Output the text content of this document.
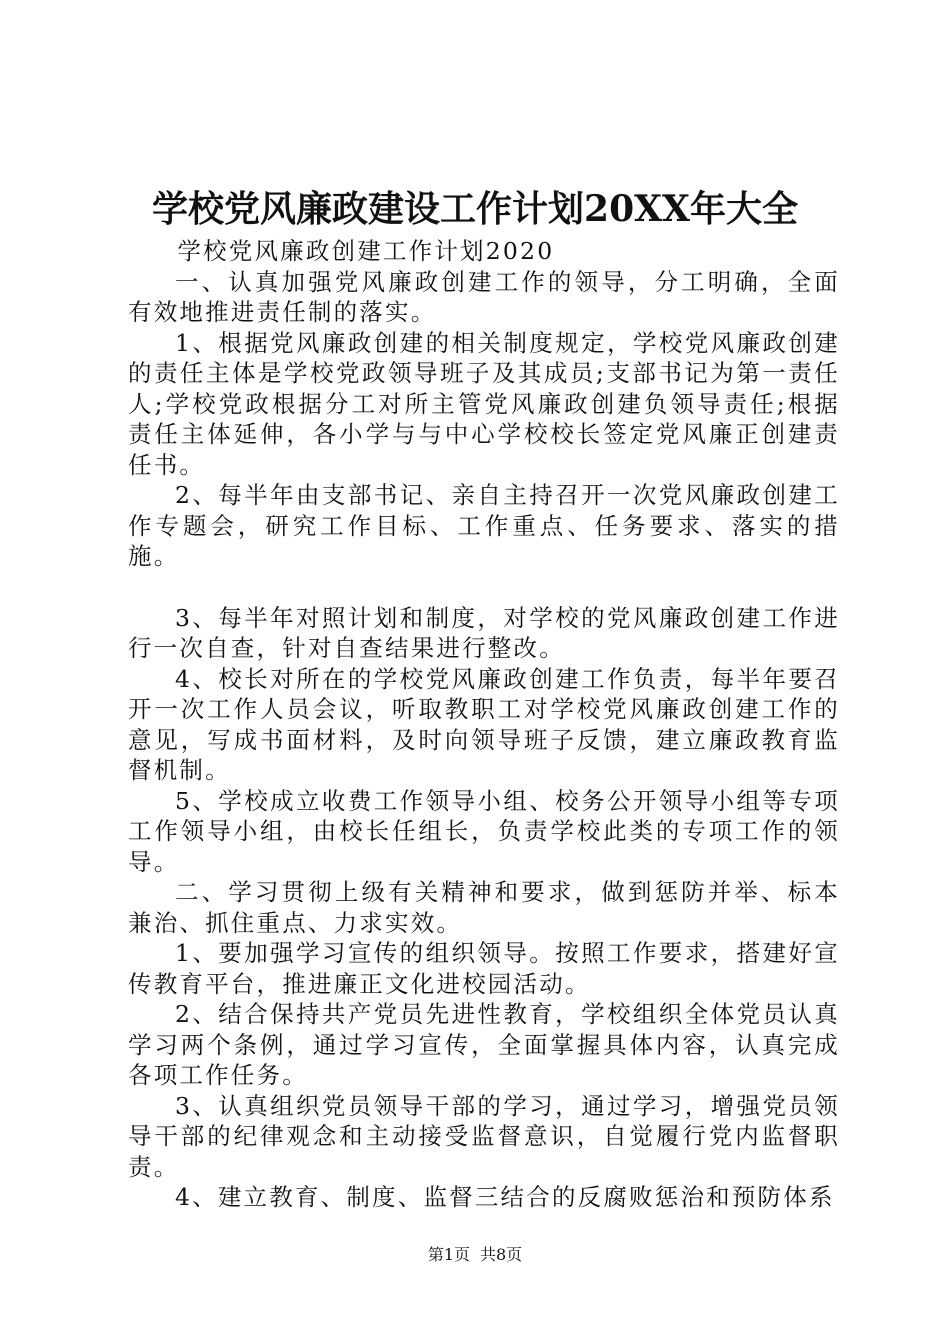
学校党风廉政建设工作计划20XX年大全

学校党风廉政创建工作计划2020

一、认真加强党风廉政创建工作的领导，分工明确，全面有效地推进责任制的落实。

1、根据党风廉政创建的相关制度规定，学校党风廉政创建的责任主体是学校党政领导班子及其成员;支部书记为第一责任人;学校党政根据分工对所主管党风廉政创建负领导责任;根据责任主体延伸，各小学与与中心学校校长签定党风廉正创建责任书。

2、每半年由支部书记、亲自主持召开一次党风廉政创建工作专题会，研究工作目标、工作重点、任务要求、落实的措施。

3、每半年对照计划和制度，对学校的党风廉政创建工作进行一次自查，针对自查结果进行整改。

4、校长对所在的学校党风廉政创建工作负责，每半年要召开一次工作人员会议，听取教职工对学校党风廉政创建工作的意见，写成书面材料，及时向领导班子反馈，建立廉政教育监督机制。

5、学校成立收费工作领导小组、校务公开领导小组等专项工作领导小组，由校长任组长，负责学校此类的专项工作的领导。

二、学习贯彻上级有关精神和要求，做到惩防并举、标本兼治、抓住重点、力求实效。

1、要加强学习宣传的组织领导。按照工作要求，搭建好宣传教育平台，推进廉正文化进校园活动。

2、结合保持共产党员先进性教育，学校组织全体党员认真学习两个条例，通过学习宣传，全面掌握具体内容，认真完成各项工作任务。

3、认真组织党员领导干部的学习，通过学习，增强党员领导干部的纪律观念和主动接受监督意识，自觉履行党内监督职责。

4、建立教育、制度、监督三结合的反腐败惩治和预防体系

第1页 共8页
